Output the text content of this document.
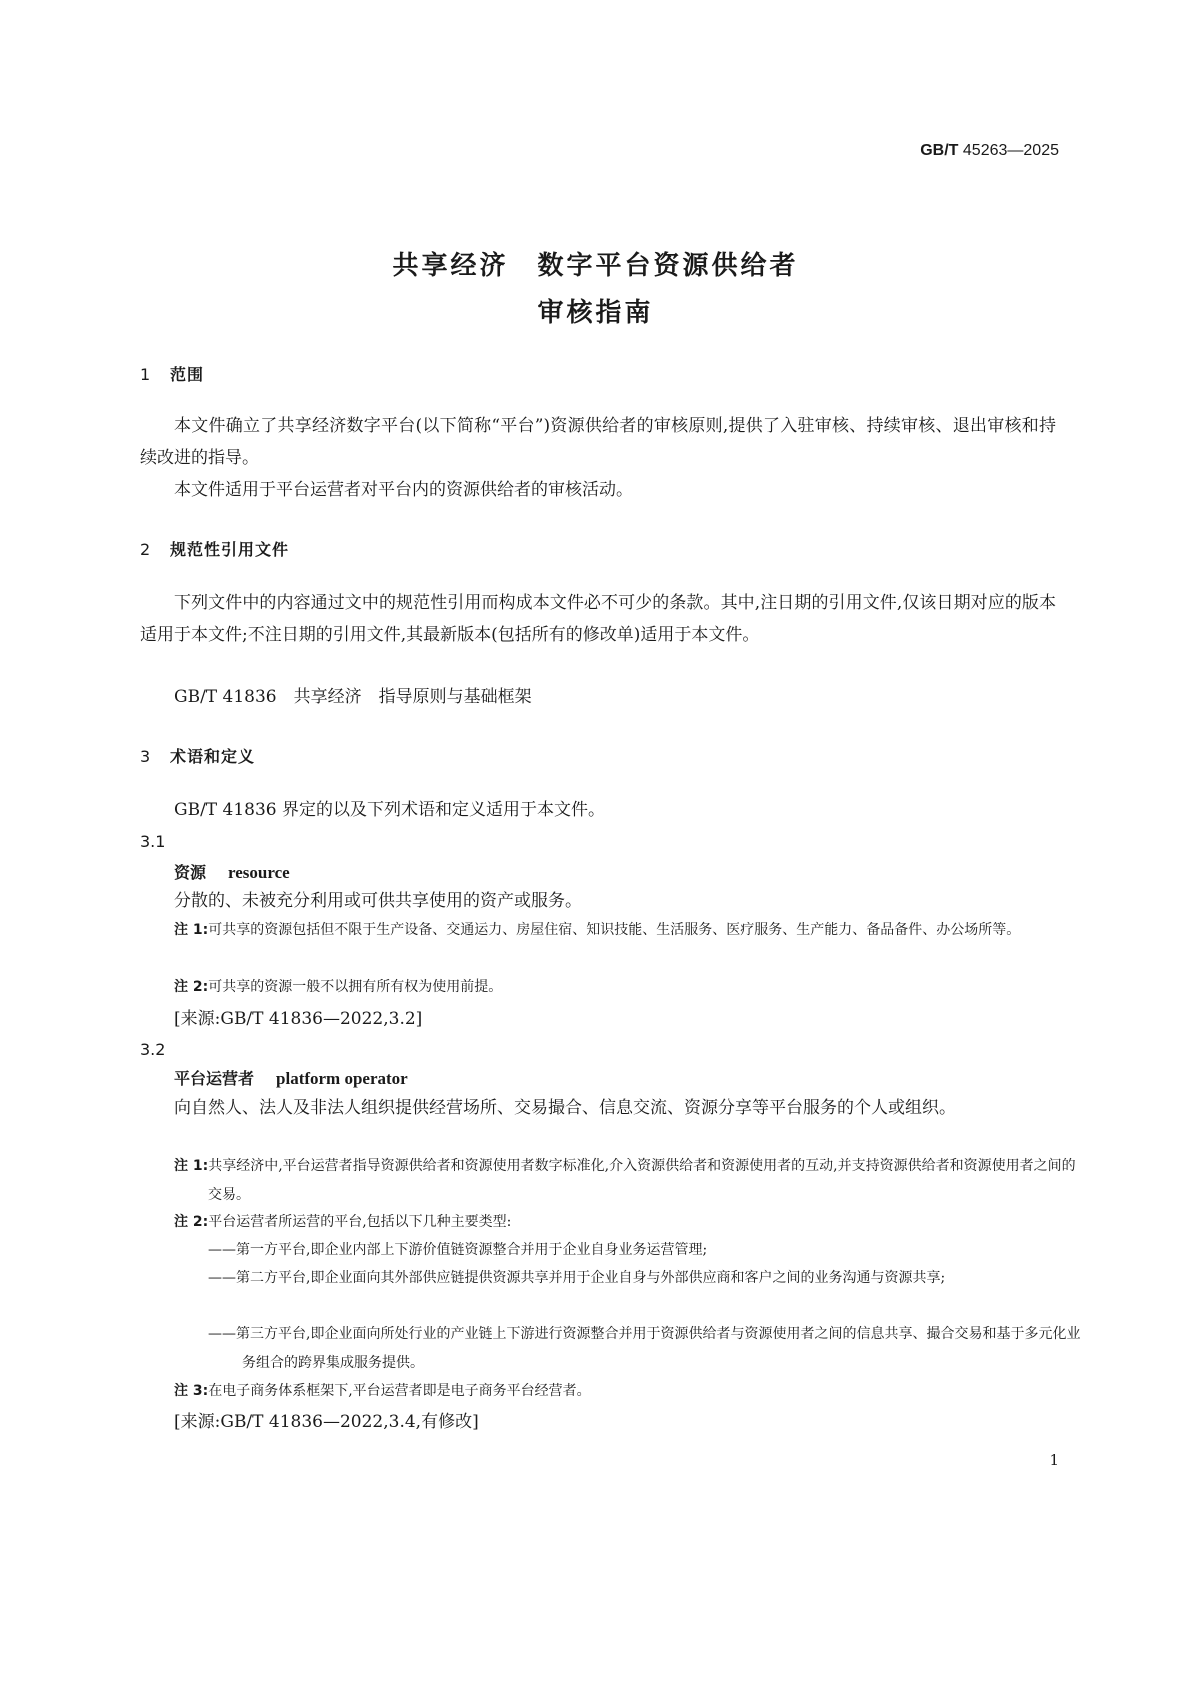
GB/T 45263—2025
共享经济　数字平台资源供给者
审核指南
1 范围
本文件确立了共享经济数字平台(以下简称“平台”)资源供给者的审核原则,提供了入驻审核、持续审核、退出审核和持续改进的指导。
本文件适用于平台运营者对平台内的资源供给者的审核活动。
2 规范性引用文件
下列文件中的内容通过文中的规范性引用而构成本文件必不可少的条款。其中,注日期的引用文件,仅该日期对应的版本适用于本文件;不注日期的引用文件,其最新版本(包括所有的修改单)适用于本文件。
GB/T 41836　共享经济　指导原则与基础框架
3 术语和定义
GB/T 41836 界定的以及下列术语和定义适用于本文件。
3.1
资源 resource
分散的、未被充分利用或可供共享使用的资产或服务。
注 1:可共享的资源包括但不限于生产设备、交通运力、房屋住宿、知识技能、生活服务、医疗服务、生产能力、备品备件、办公场所等。
注 2:可共享的资源一般不以拥有所有权为使用前提。
[来源:GB/T 41836—2022,3.2]
3.2
平台运营者 platform operator
向自然人、法人及非法人组织提供经营场所、交易撮合、信息交流、资源分享等平台服务的个人或组织。
注 1:共享经济中,平台运营者指导资源供给者和资源使用者数字标准化,介入资源供给者和资源使用者的互动,并支持资源供给者和资源使用者之间的交易。
注 2:平台运营者所运营的平台,包括以下几种主要类型:
——第一方平台,即企业内部上下游价值链资源整合并用于企业自身业务运营管理;
——第二方平台,即企业面向其外部供应链提供资源共享并用于企业自身与外部供应商和客户之间的业务沟通与资源共享;
——第三方平台,即企业面向所处行业的产业链上下游进行资源整合并用于资源供给者与资源使用者之间的信息共享、撮合交易和基于多元化业务组合的跨界集成服务提供。
注 3:在电子商务体系框架下,平台运营者即是电子商务平台经营者。
[来源:GB/T 41836—2022,3.4,有修改]
1
